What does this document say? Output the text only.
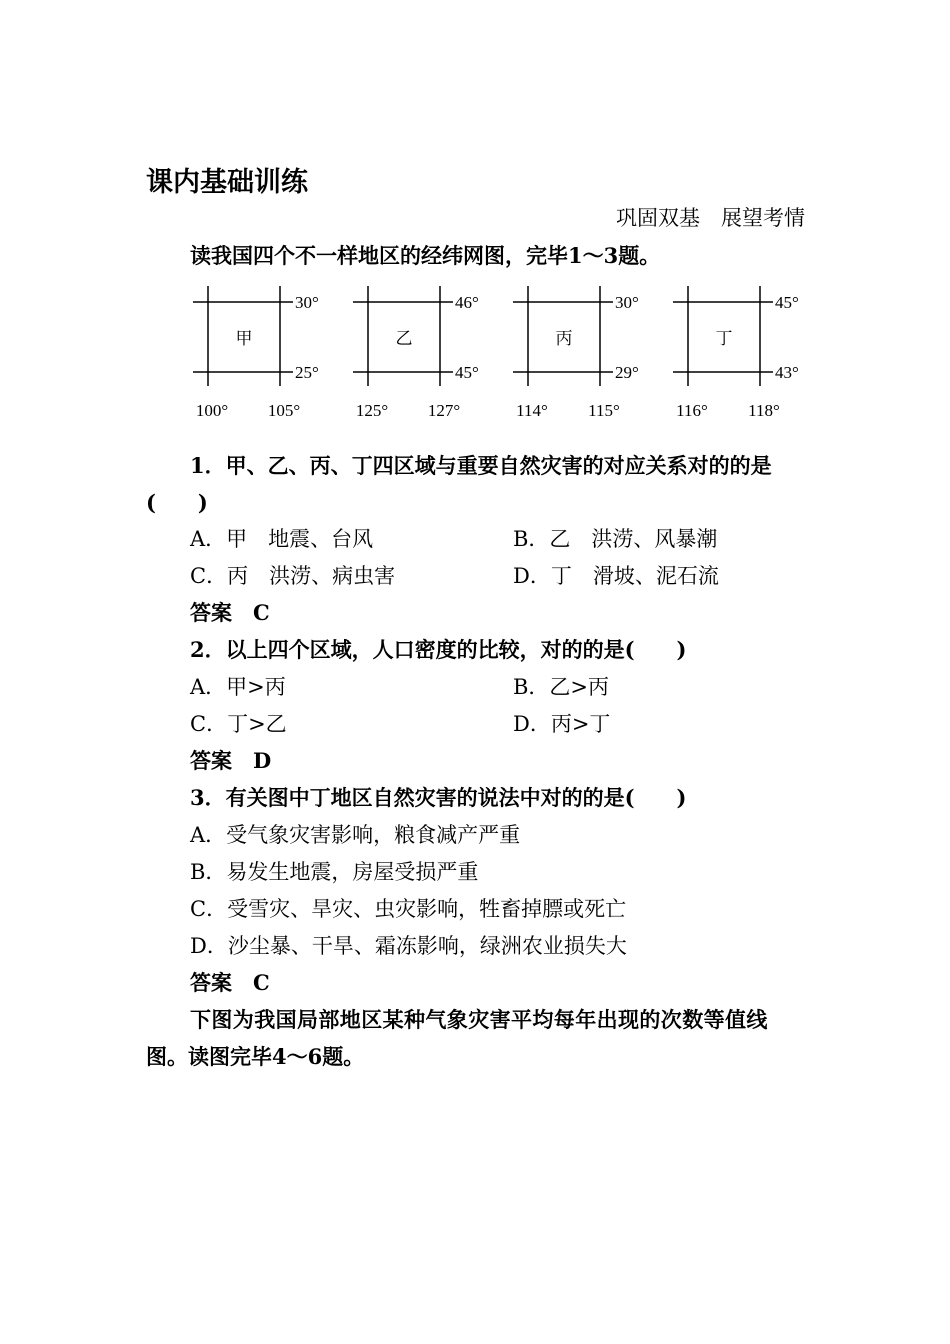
课内基础训练
巩固双基　展望考情
读我国四个不一样地区的经纬网图，完毕1～3题。
甲
30°
25°
100° 105°
乙
46°
45°
125° 127°
丙
30°
29°
114° 115°
丁
45°
43°
116° 118°
1．甲、乙、丙、丁四区域与重要自然灾害的对应关系对的的是
(　　)
A．甲　地震、台风	B．乙　洪涝、风暴潮
C．丙　洪涝、病虫害	D．丁　滑坡、泥石流
答案　C
2．以上四个区域，人口密度的比较，对的的是(　　)
A．甲>丙	B．乙>丙
C．丁>乙	D．丙>丁
答案　D
3．有关图中丁地区自然灾害的说法中对的的是(　　)
A．受气象灾害影响，粮食减产严重
B．易发生地震，房屋受损严重
C．受雪灾、旱灾、虫灾影响，牲畜掉膘或死亡
D．沙尘暴、干旱、霜冻影响，绿洲农业损失大
答案　C
下图为我国局部地区某种气象灾害平均每年出现的次数等值线
图。读图完毕4～6题。
